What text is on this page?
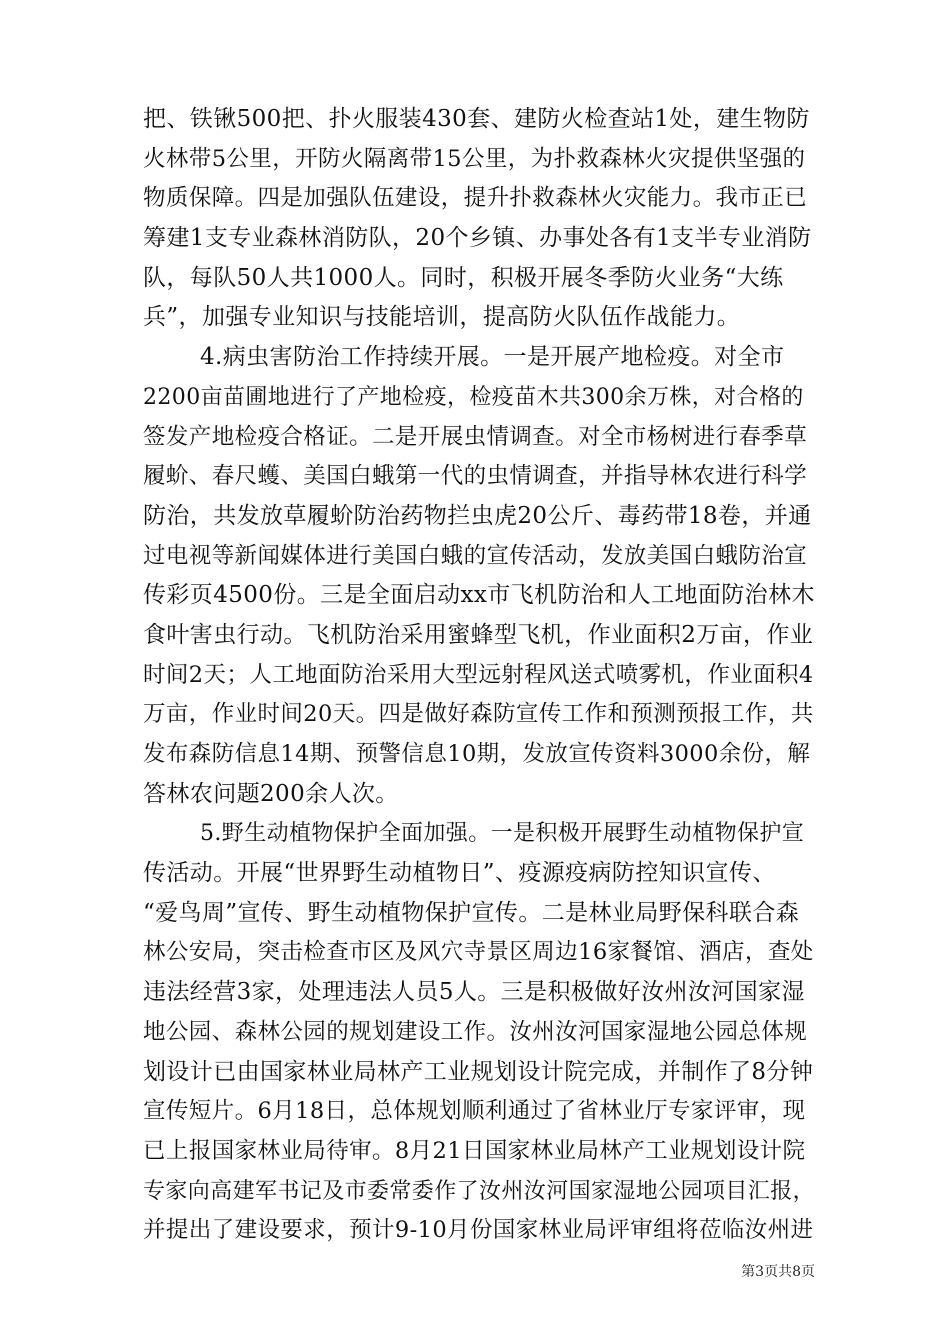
把、铁锹500把、扑火服装430套、建防火检查站1处，建生物防
火林带5公里，开防火隔离带15公里，为扑救森林火灾提供坚强的
物质保障。四是加强队伍建设，提升扑救森林火灾能力。我市正已
筹建1支专业森林消防队，20个乡镇、办事处各有1支半专业消防
队，每队50人共1000人。同时，积极开展冬季防火业务“大练
兵”，加强专业知识与技能培训，提高防火队伍作战能力。
4.病虫害防治工作持续开展。一是开展产地检疫。对全市
2200亩苗圃地进行了产地检疫，检疫苗木共300余万株，对合格的
签发产地检疫合格证。二是开展虫情调查。对全市杨树进行春季草
履蚧、春尺蠖、美国白蛾第一代的虫情调查，并指导林农进行科学
防治，共发放草履蚧防治药物拦虫虎20公斤、毒药带18卷，并通
过电视等新闻媒体进行美国白蛾的宣传活动，发放美国白蛾防治宣
传彩页4500份。三是全面启动xx市飞机防治和人工地面防治林木
食叶害虫行动。飞机防治采用蜜蜂型飞机，作业面积2万亩，作业
时间2天；人工地面防治采用大型远射程风送式喷雾机，作业面积4
万亩，作业时间20天。四是做好森防宣传工作和预测预报工作，共
发布森防信息14期、预警信息10期，发放宣传资料3000余份，解
答林农问题200余人次。
5.野生动植物保护全面加强。一是积极开展野生动植物保护宣
传活动。开展“世界野生动植物日”、疫源疫病防控知识宣传、
“爱鸟周”宣传、野生动植物保护宣传。二是林业局野保科联合森
林公安局，突击检查市区及风穴寺景区周边16家餐馆、酒店，查处
违法经营3家，处理违法人员5人。三是积极做好汝州汝河国家湿
地公园、森林公园的规划建设工作。汝州汝河国家湿地公园总体规
划设计已由国家林业局林产工业规划设计院完成，并制作了8分钟
宣传短片。6月18日，总体规划顺利通过了省林业厅专家评审，现
已上报国家林业局待审。8月21日国家林业局林产工业规划设计院
专家向高建军书记及市委常委作了汝州汝河国家湿地公园项目汇报，
并提出了建设要求，预计9-10月份国家林业局评审组将莅临汝州进
第3页共8页
